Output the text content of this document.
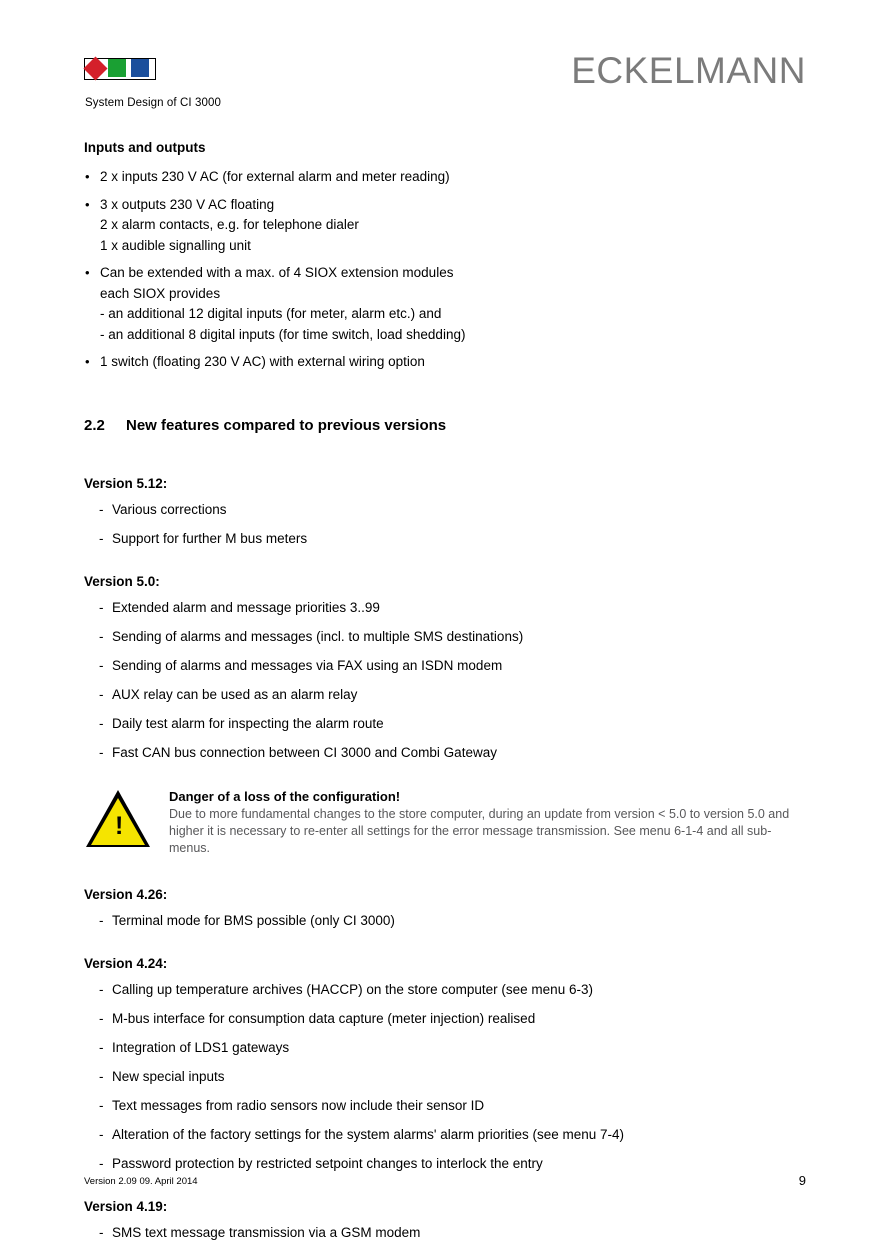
System Design of CI 3000
ECKELMANN
Inputs and outputs
• 2 x inputs 230 V AC (for external alarm and meter reading)
• 3 x outputs 230 V AC floating
2 x alarm contacts, e.g. for telephone dialer
1 x audible signalling unit
• Can be extended with a max. of 4 SIOX extension modules
each SIOX provides
- an additional 12 digital inputs (for meter, alarm etc.) and
- an additional 8 digital inputs (for time switch, load shedding)
• 1 switch (floating 230 V AC) with external wiring option
2.2 New features compared to previous versions
Version 5.12:
- Various corrections
- Support for further M bus meters
Version 5.0:
- Extended alarm and message priorities 3..99
- Sending of alarms and messages (incl. to multiple SMS destinations)
- Sending of alarms and messages via FAX using an ISDN modem
- AUX relay can be used as an alarm relay
- Daily test alarm for inspecting the alarm route
- Fast CAN bus connection between CI 3000 and Combi Gateway
!
Danger of a loss of the configuration!
Due to more fundamental changes to the store computer, during an update from version < 5.0 to version 5.0 and higher it is necessary to re-enter all settings for the error message transmission. See menu 6-1-4 and all sub-menus.
Version 4.26:
- Terminal mode for BMS possible (only CI 3000)
Version 4.24:
- Calling up temperature archives (HACCP) on the store computer (see menu 6-3)
- M-bus interface for consumption data capture (meter injection) realised
- Integration of LDS1 gateways
- New special inputs
- Text messages from radio sensors now include their sensor ID
- Alteration of the factory settings for the system alarms' alarm priorities (see menu 7-4)
- Password protection by restricted setpoint changes to interlock the entry
Version 4.19:
- SMS text message transmission via a GSM modem
Version 2.09 09. April 2014	9
